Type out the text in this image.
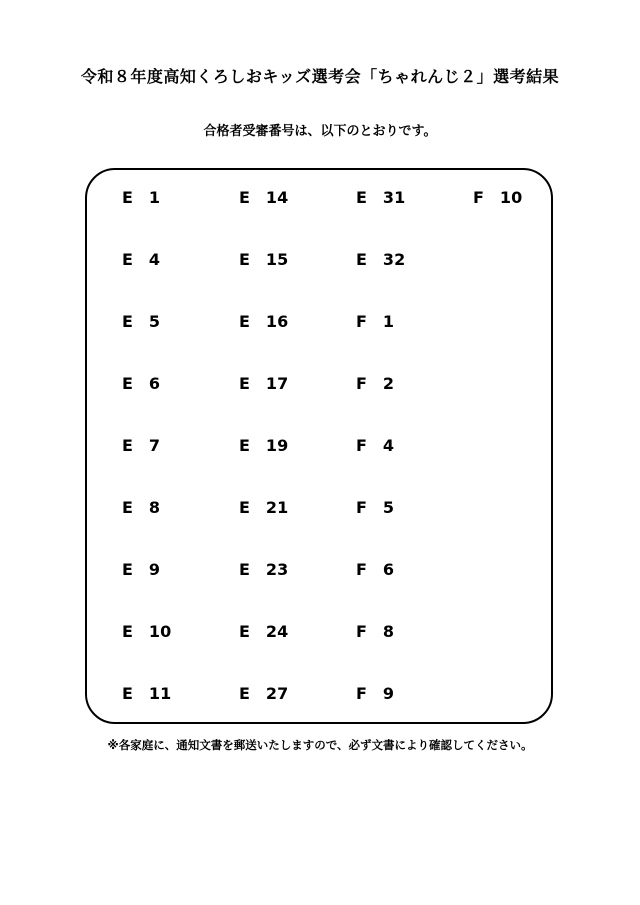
令和８年度高知くろしおキッズ選考会「ちゃれんじ２」選考結果
合格者受審番号は、以下のとおりです。
E　1
E　4
E　5
E　6
E　7
E　8
E　9
E　10
E　11
E　14
E　15
E　16
E　17
E　19
E　21
E　23
E　24
E　27
E　31
E　32
F　1
F　2
F　4
F　5
F　6
F　8
F　9
F　10
※各家庭に、通知文書を郵送いたしますので、必ず文書により確認してください。
